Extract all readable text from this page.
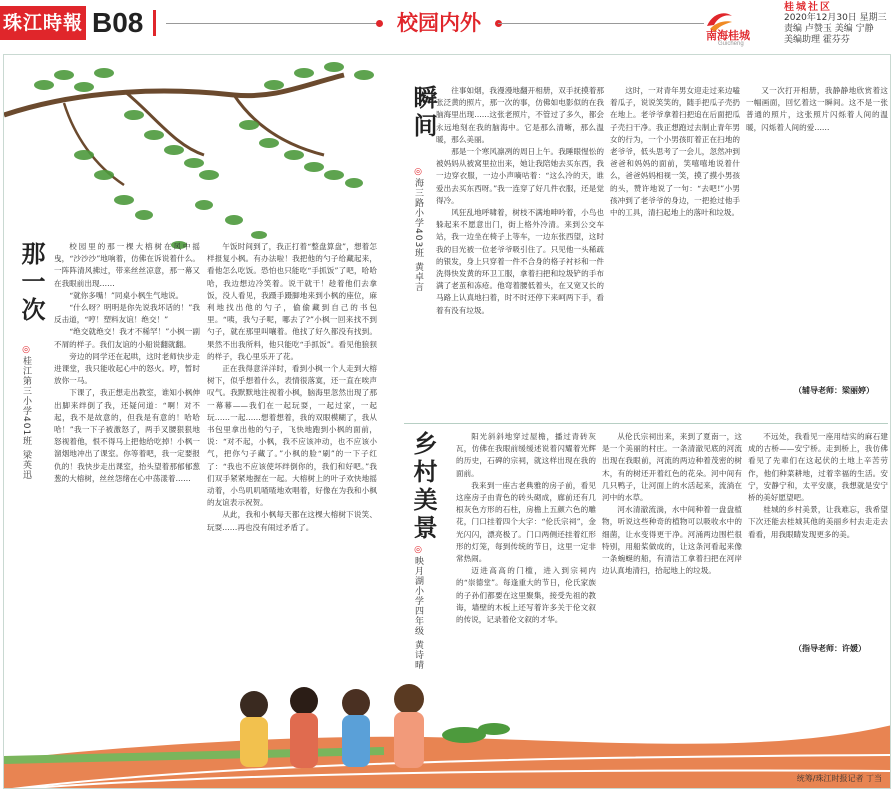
珠江時報 B08	校园内外
南海桂城
Guicheng
桂城社区
2020年12月30日 星期三
责编 卢赞玉 美编 宁静
美编助理 霍芬芬
那一次
◎桂江第三小学401班 梁英迅

校园里的那一棵大榕树在风中摇曳，“沙沙沙”地响着，仿佛在诉说着什么。一阵阵清风拂过，带来丝丝凉意，那一幕又在我眼前出现……

“就你多嘴！”同桌小枫生气地说。

“什么呀？明明是你先说我坏话的！”我反击道，“哼！塑料友谊！绝交！”

“绝交就绝交！我才不稀罕！”小枫一副不屑的样子。我们友谊的小船说翻就翻。

旁边的同学还在起哄，这时老师快步走进课堂，我只能收起心中的怒火。哼，暂时放你一马。

下课了，我正想走出教室，谁知小枫伸出脚来绊倒了我，还疑问道：“啊！对不起，我不是故意的，但我是有意的！哈哈哈！”我一下子被激怒了，两手叉腰狠狠地怒视着他，恨不得马上把他给吃掉！小枫一溜烟地冲出了课室。你等着吧，我一定要报仇的！我快步走出课室，抬头望着那郁郁葱葱的大榕树，丝丝怨绪在心中荡漾着……

午饭时间到了，我正打着“整盘算盘”，想着怎样报复小枫。有办法啦！我把他的勺子给藏起来，看他怎么吃饭。恐怕也只能吃“手抓饭”了吧，哈哈哈，我边想边冷笑着。说干就干！趁着他们去拿饭，没人看见，我蹑手蹑脚地来到小枫的座位，麻利地找出他的勺子，偷偷藏到自己的书包里。“咦，我勺子呢，哪去了?”小枫一回来找不到勺子，就在那里叫嚷着。他找了好久都没有找到。果然不出我所料，他只能吃“手抓饭”。看见他狼狈的样子，我心里乐开了花。

正在我得意洋洋时，看到小枫一个人走到大榕树下，似乎想着什么，表情很落寞，还一直在唉声叹气。我默默地注视着小枫，脑海里忽然出现了那一幕幕——我们在一起玩耍，一起过家，一起玩……一起……想着想着，我的双眼模糊了，我从书包里拿出他的勺子，飞快地跑到小枫的面前，说：“对不起，小枫，我不应该冲动，也不应该小气，把你勺子藏了。”小枫的脸“刷”的一下子红了：“我也不应该使坏绊倒你的，我们和好吧。”我们双手紧紧地握在一起。大榕树上的叶子欢快地摇动着，小鸟叽叽喳喳地欢唱着，好像在为我和小枫的友谊表示祝贺。

从此，我和小枫每天都在这棵大榕树下说笑、玩耍……再也没有闹过矛盾了。

瞬间
◎海三路小学403班 黄卓言

往事如烟，我漫漫地翻开相册，双手抚摸着那张泛黄的照片，那一次的事，仿佛如电影似的在我脑海里出现……这张老照片，不管过了多久，都会永远地刻在我的脑海中。它是那么清晰，那么温暖，那么美丽。

那是一个寒风凛冽的周日上午。我睡眼惺忪的被妈妈从被窝里拉出来，她让我陪她去买东西，我一边穿衣服，一边小声嘀咕着：“这么冷的天，谁爱出去买东西呀。”我一连穿了好几件衣服，还是觉得冷。

风狂乱地呼啸着，树枝不满地呻吟着，小鸟也躲起来不愿意出门，街上格外冷清。来到公交车站，我一边坐在椅子上等车，一边东张西望，这时我的目光被一位老爷爷吸引住了。只见他一头稀疏的银发，身上只穿着一件不合身的格子衬衫和一件洗得快发黄的环卫工服，拿着扫把和垃圾铲的手布满了老茧和冻疮。他弯着腰低着头，在又宽又长的马路上认真地扫着，时不时还停下来呵两下手，看着有没有垃圾。

这时，一对青年男女迎走过来边嗑着瓜子，说说笑笑的，随手把瓜子壳扔在地上。老爷爷拿着扫把追在后面把瓜子壳扫干净。我正想跑过去制止青年男女的行为，一个小男孩盯着正在扫地的老爷爷，低头思考了一会儿，忽然冲到爸爸和妈妈的面前，笑嘻嘻地说着什么，爸爸妈妈相视一笑，摸了摸小男孩的头，赞许地说了一句：“去吧!”小男孩冲到了老爷爷的身边，一把抢过他手中的工具，清扫起地上的落叶和垃圾。

又一次打开相册，我静静地欣赏着这一幅画面，回忆着这一瞬间。这不是一张普通的照片，这张照片闪烁着人间的温暖，闪烁着人间的爱……

（辅导老师：梁丽婷）
乡村美景
◎映月湖小学四年级 黄诗晴

阳光斜斜地穿过屋檐，播过青砖灰瓦，仿佛在我眼前缓缓述说着闪耀着光辉的历史，石碑的宗祠，就这样出现在我的面前。

我来到一座古老典雅的房子前，看见这座房子由青色的砖头砌成，廊前还有几根灰色方形的石柱，房檐上五颜六色的雕花，门口挂着四个大字：“伦氏宗祠”，金光闪闪，漂亮极了。门口两侧还挂着红形形的灯笼，每到传统的节日，这里一定非常热闹。

迈进高高的门槛，进入到宗祠内的“崇德堂”。每逢重大的节日，伦氏家族的子孙们都要在这里聚集，接受先祖的教诲，墙壁的木板上还写着许多关于伦文叙的传说，记录着伦文叙的才华。

从伦氏宗祠出来，来到了夏南一，这是一个美丽的村庄。一条清澈见底的河流出现在我眼前，河流的两边种着茂密的树木，有的树还开着红色的花朵。河中间有几只鸭子，让河面上的水活起来，流淌在河中的水草。

河水清澈流淌，水中间种着一盘盘植物，听说这些种奇的植物可以吸收水中的细菌，让水变得更干净。河涌两边围栏很特别，用船桨做成的，让这条河看起来像一条蜿蜒的船，有清洁工拿着扫把在河岸边认真地清扫，拾起地上的垃圾。

不远处，我看见一座用结实的麻石建成的古桥——安宁桥。走到桥上，我仿佛看见了先辈们在这起伏的土地上辛苦劳作，他们种菜耕地，过着幸福的生活。安宁，安静宁和，太平安康，我想就是安宁桥的美好愿望吧。

桂城的乡村美景，让我难忘，我希望下次还能去桂城其他的美丽乡村去走走去看看，用我眼睛发现更多的美。

（指导老师：许媛）
统筹/珠江时报记者 丁当
